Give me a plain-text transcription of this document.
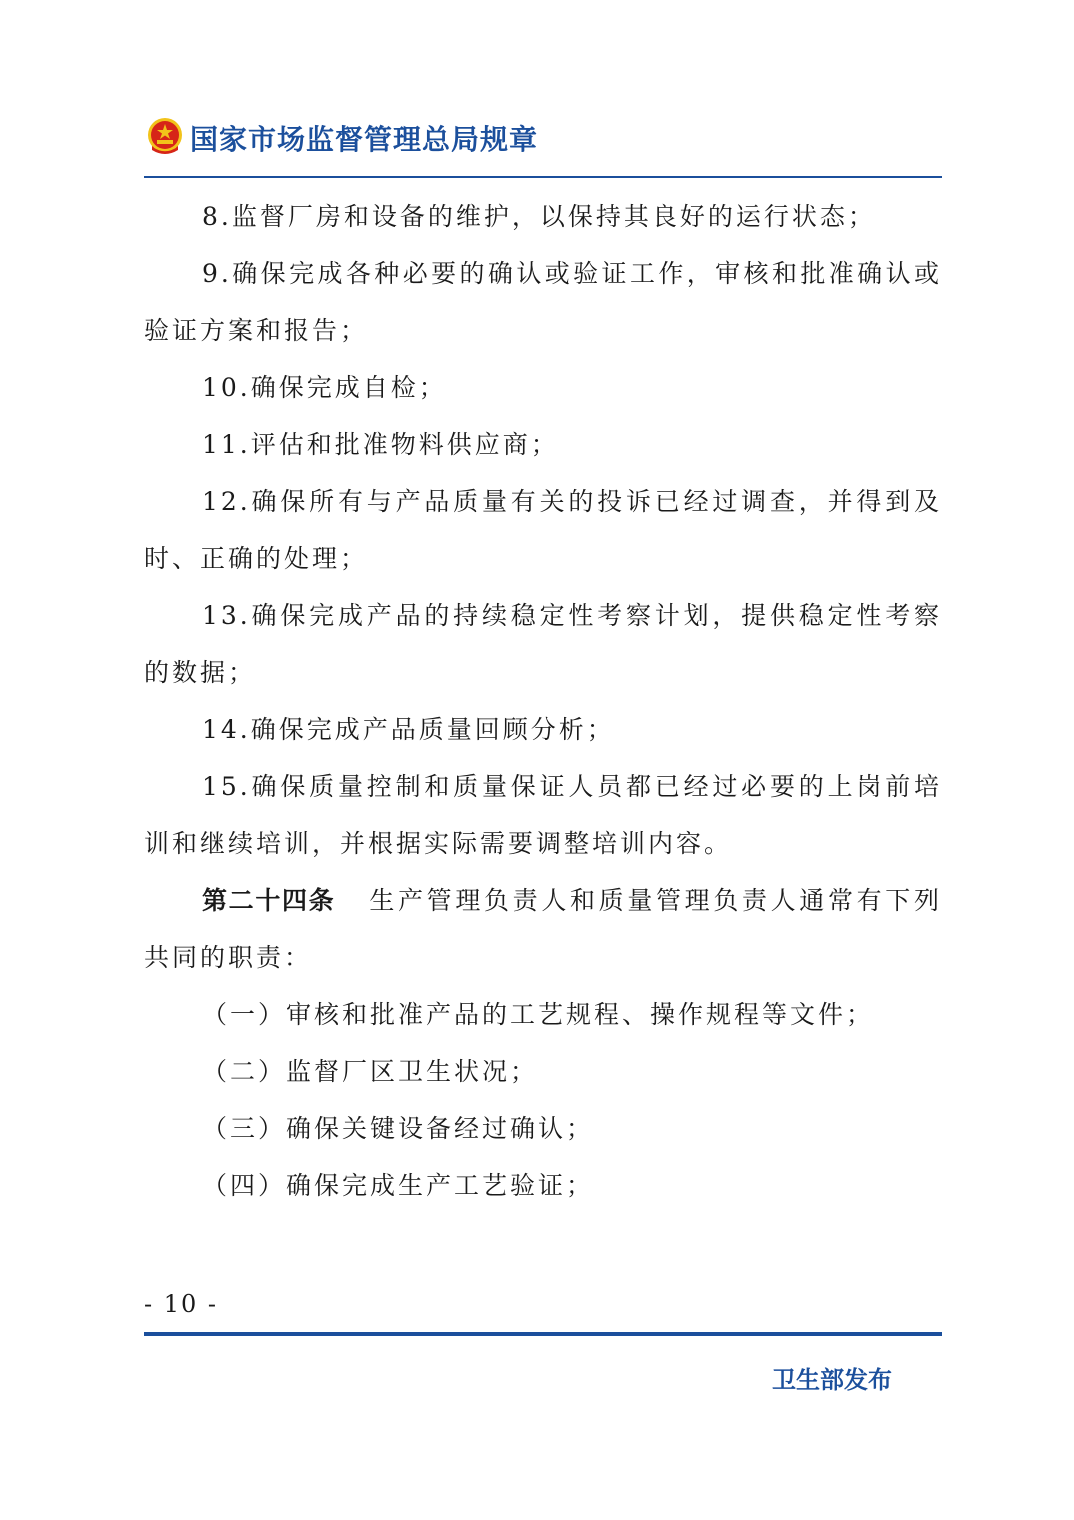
国家市场监督管理总局规章

8.监督厂房和设备的维护，以保持其良好的运行状态；

9.确保完成各种必要的确认或验证工作，审核和批准确认或验证方案和报告；

10.确保完成自检；

11.评估和批准物料供应商；

12.确保所有与产品质量有关的投诉已经过调查，并得到及时、正确的处理；

13.确保完成产品的持续稳定性考察计划，提供稳定性考察的数据；

14.确保完成产品质量回顾分析；

15.确保质量控制和质量保证人员都已经过必要的上岗前培训和继续培训，并根据实际需要调整培训内容。

第二十四条 生产管理负责人和质量管理负责人通常有下列共同的职责：

（一）审核和批准产品的工艺规程、操作规程等文件；

（二）监督厂区卫生状况；

（三）确保关键设备经过确认；

（四）确保完成生产工艺验证；

- 10 -
卫生部发布
